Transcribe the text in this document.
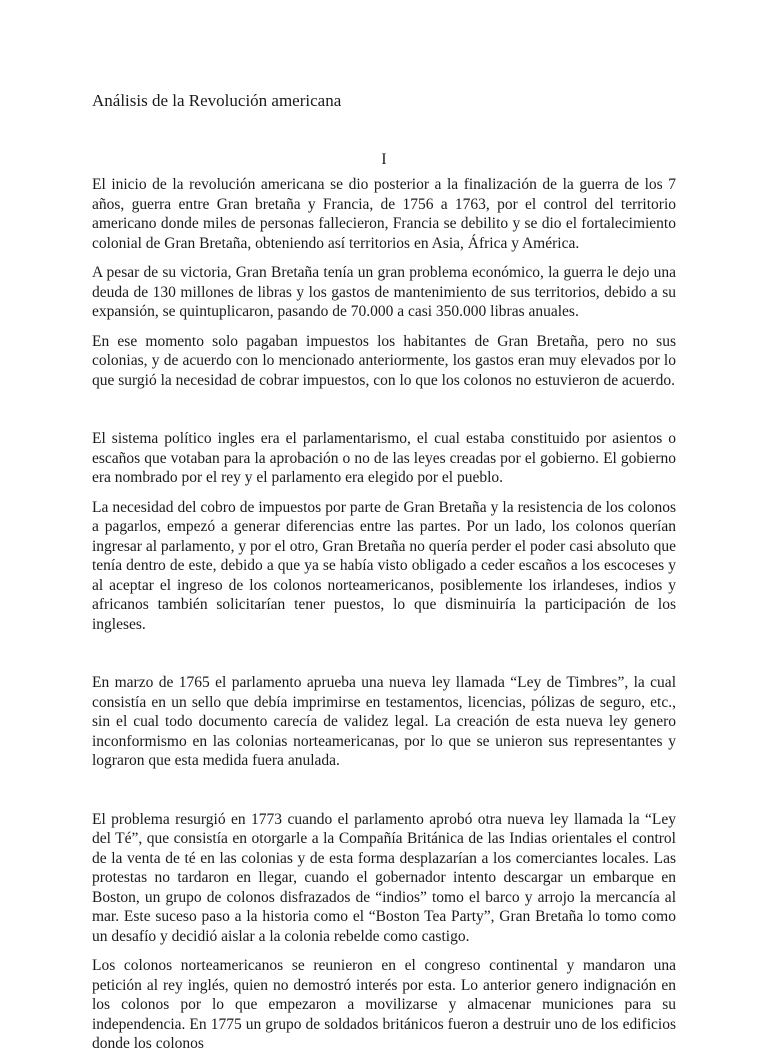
Análisis de la Revolución americana
I

El inicio de la revolución americana se dio posterior a la finalización de la guerra de los 7 años, guerra entre Gran bretaña y Francia, de 1756 a 1763, por el control del territorio americano donde miles de personas fallecieron, Francia se debilito y se dio el fortalecimiento colonial de Gran Bretaña, obteniendo así territorios en Asia, África y América.

A pesar de su victoria, Gran Bretaña tenía un gran problema económico, la guerra le dejo una deuda de 130 millones de libras y los gastos de mantenimiento de sus territorios, debido a su expansión, se quintuplicaron, pasando de 70.000 a casi 350.000 libras anuales.

En ese momento solo pagaban impuestos los habitantes de Gran Bretaña, pero no sus colonias, y de acuerdo con lo mencionado anteriormente, los gastos eran muy elevados por lo que surgió la necesidad de cobrar impuestos, con lo que los colonos no estuvieron de acuerdo.

El sistema político ingles era el parlamentarismo, el cual estaba constituido por asientos o escaños que votaban para la aprobación o no de las leyes creadas por el gobierno. El gobierno era nombrado por el rey y el parlamento era elegido por el pueblo.

La necesidad del cobro de impuestos por parte de Gran Bretaña y la resistencia de los colonos a pagarlos, empezó a generar diferencias entre las partes. Por un lado, los colonos querían ingresar al parlamento, y por el otro, Gran Bretaña no quería perder el poder casi absoluto que tenía dentro de este, debido a que ya se había visto obligado a ceder escaños a los escoceses y al aceptar el ingreso de los colonos norteamericanos, posiblemente los irlandeses, indios y africanos también solicitarían tener puestos, lo que disminuiría la participación de los ingleses.

En marzo de 1765 el parlamento aprueba una nueva ley llamada “Ley de Timbres”, la cual consistía en un sello que debía imprimirse en testamentos, licencias, pólizas de seguro, etc., sin el cual todo documento carecía de validez legal. La creación de esta nueva ley genero inconformismo en las colonias norteamericanas, por lo que se unieron sus representantes y lograron que esta medida fuera anulada.

El problema resurgió en 1773 cuando el parlamento aprobó otra nueva ley llamada la “Ley del Té”, que consistía en otorgarle a la Compañía Británica de las Indias orientales el control de la venta de té en las colonias y de esta forma desplazarían a los comerciantes locales. Las protestas no tardaron en llegar, cuando el gobernador intento descargar un embarque en Boston, un grupo de colonos disfrazados de “indios” tomo el barco y arrojo la mercancía al mar. Este suceso paso a la historia como el “Boston Tea Party”, Gran Bretaña lo tomo como un desafío y decidió aislar a la colonia rebelde como castigo.

Los colonos norteamericanos se reunieron en el congreso continental y mandaron una petición al rey inglés, quien no demostró interés por esta. Lo anterior genero indignación en los colonos por lo que empezaron a movilizarse y almacenar municiones para su independencia. En 1775 un grupo de soldados británicos fueron a destruir uno de los edificios donde los colonos
